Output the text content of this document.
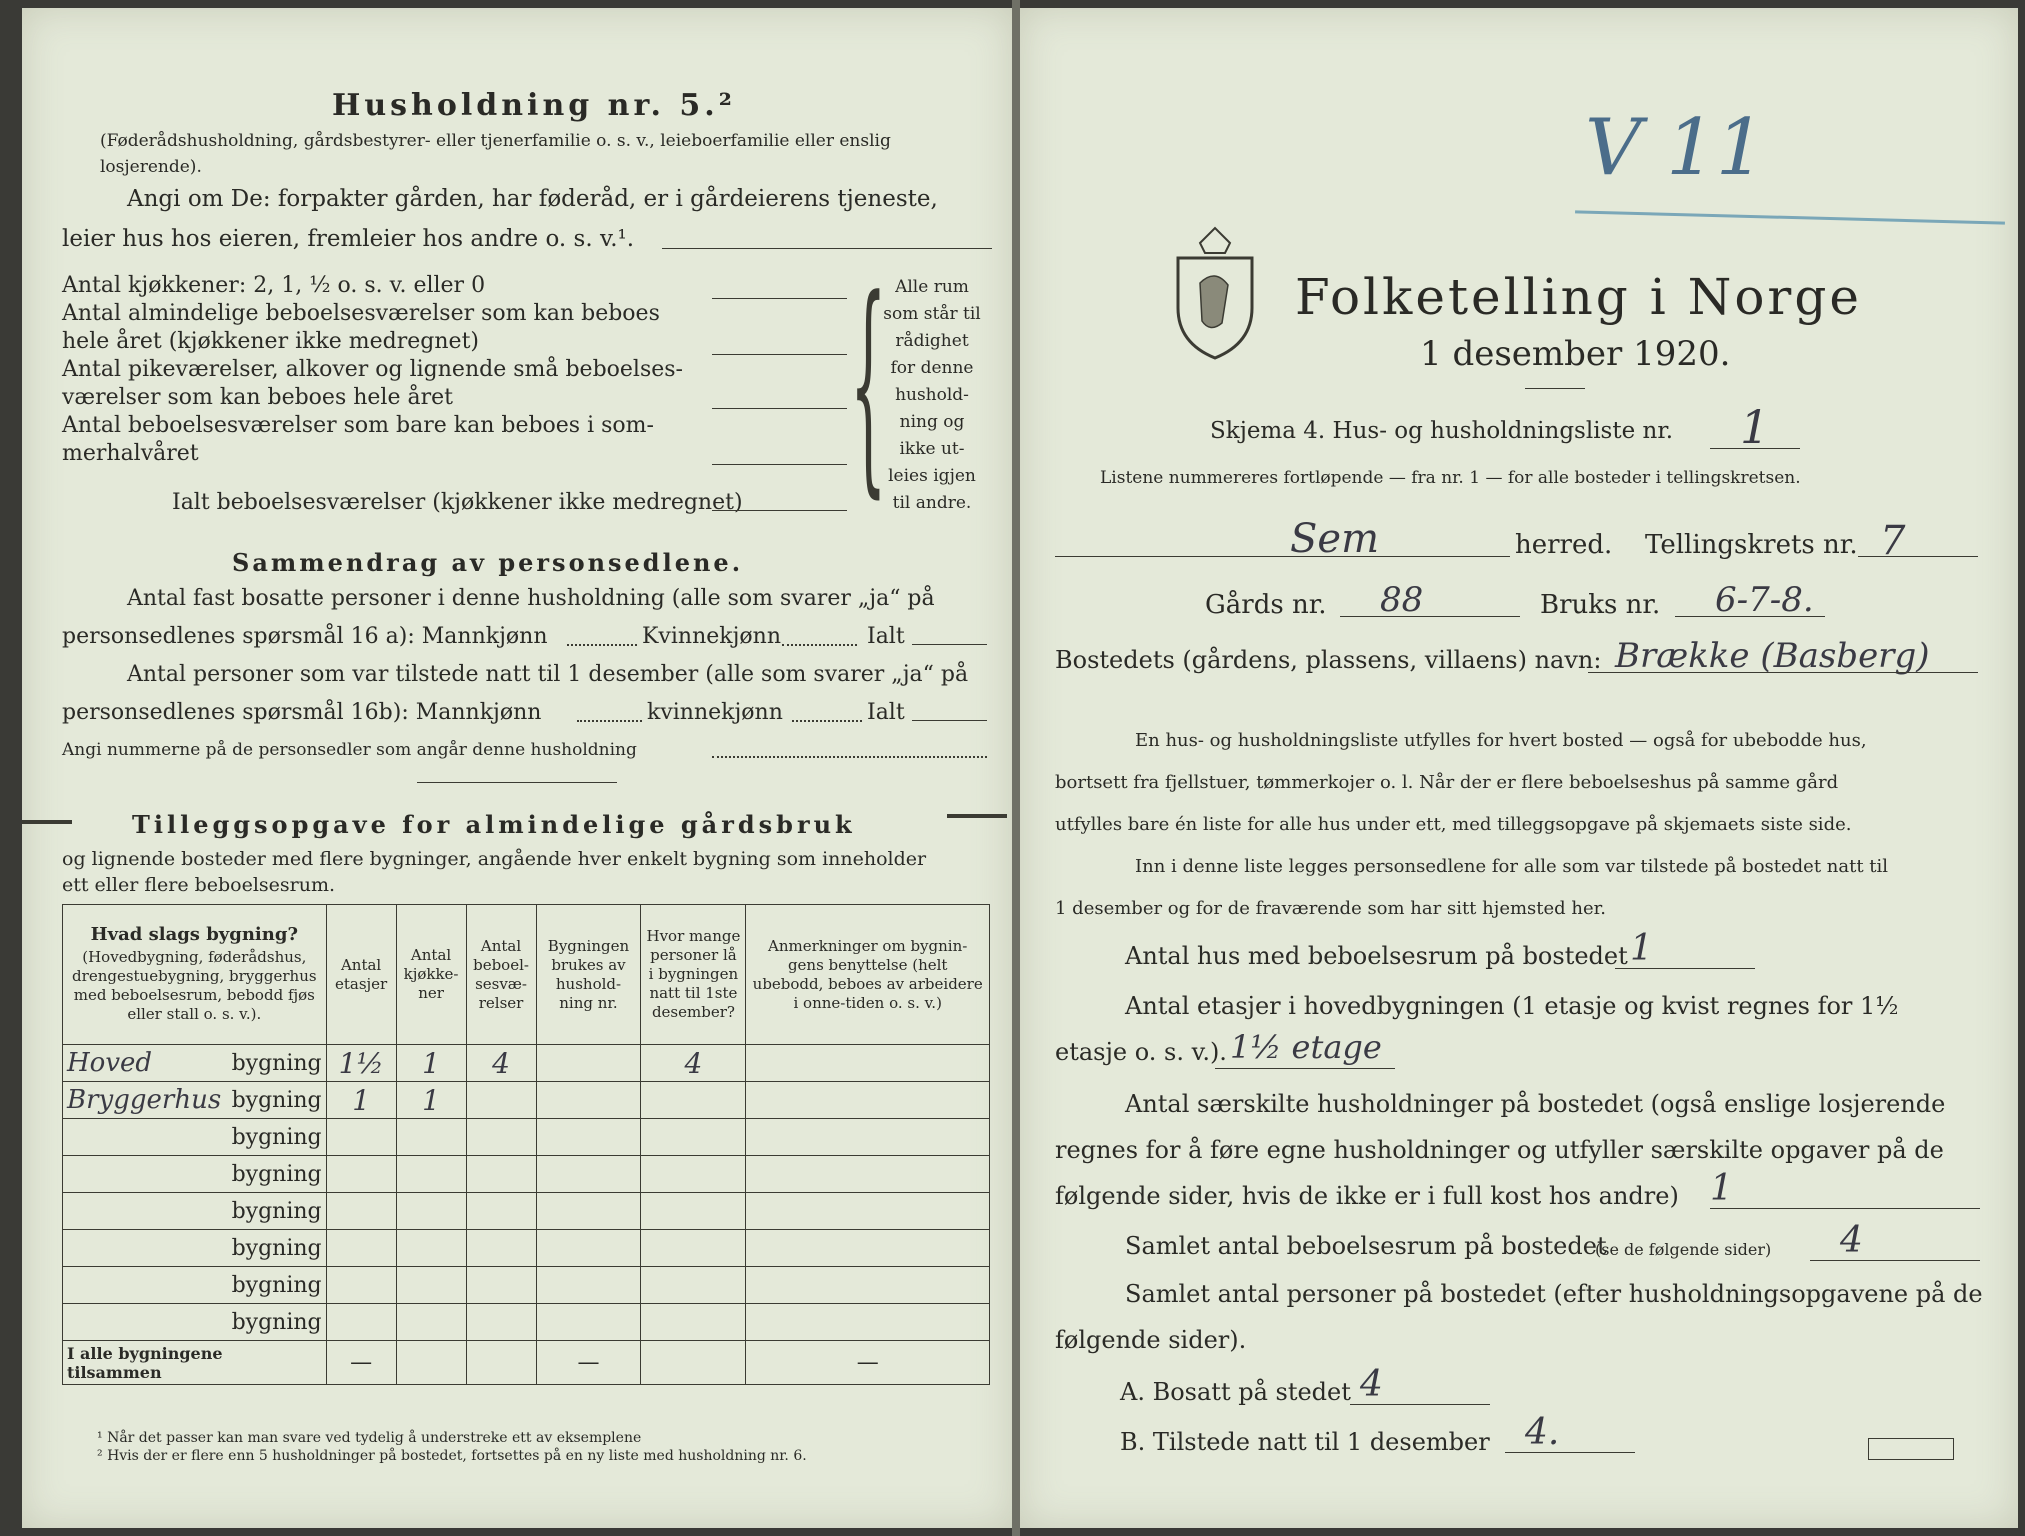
Husholdning nr. 5.²
(Føderådshusholdning, gårdsbestyrer- eller tjenerfamilie o. s. v., leieboerfamilie eller enslig losjerende).
Angi om De: forpakter gården, har føderåd, er i gårdeierens tjeneste,
leier hus hos eieren, fremleier hos andre o. s. v.¹.
Antal kjøkkener: 2, 1, ½ o. s. v. eller 0
Antal almindelige beboelsesværelser som kan beboes
hele året (kjøkkener ikke medregnet)
Antal pikeværelser, alkover og lignende små beboelses-
værelser som kan beboes hele året
Antal beboelsesværelser som bare kan beboes i som-
merhalvåret	{ Alle rum
som står til
rådighet
for denne
hushold-
ning og
ikke ut-
leies igjen
til andre.
Ialt beboelsesværelser (kjøkkener ikke medregnet)
Sammendrag av personsedlene.
Antal fast bosatte personer i denne husholdning (alle som svarer „ja“ på
personsedlenes spørsmål 16 a): Mannkjønn	Kvinnekjønn	Ialt
Antal personer som var tilstede natt til 1 desember (alle som svarer „ja“ på
personsedlenes spørsmål 16b): Mannkjønn	kvinnekjønn	Ialt
Angi nummerne på de personsedler som angår denne husholdning
Tilleggsopgave for almindelige gårdsbruk
og lignende bosteder med flere bygninger, angående hver enkelt bygning som inneholder
ett eller flere beboelsesrum.
Hvad slags bygning?
(Hovedbygning, føderådshus, drengestuebygning, bryggerhus med beboelsesrum, bebodd fjøs eller stall o. s. v.).	Antal etasjer	Antal kjøkke-ner	Antal beboel-sesvæ-relser	Bygningen brukes av hushold-ning nr.	Hvor mange personer lå i bygningen natt til 1ste desember?	Anmerkninger om bygnin-gens benyttelse (helt ubebodd, beboes av arbeidere i onne-tiden o. s. v.)
Hoved bygning	1½	1	4		4	
Bryggerhus bygning	1	1				

bygning						

bygning						

bygning						

bygning						

bygning						

bygning						

I alle bygningene tilsammen	—			—		—
¹ Når det passer kan man svare ved tydelig å understreke ett av eksemplene
² Hvis der er flere enn 5 husholdninger på bostedet, fortsettes på en ny liste med husholdning nr. 6.
V 11
Folketelling i Norge
1 desember 1920.
Skjema 4. Hus- og husholdningsliste nr. 1
Listene nummereres fortløpende — fra nr. 1 — for alle bosteder i tellingskretsen.
Sem	herred. Tellingskrets nr. 7
Gårds nr. 88	Bruks nr. 6-7-8.
Bostedets (gårdens, plassens, villaens) navn: Brække (Basberg)
En hus- og husholdningsliste utfylles for hvert bosted — også for ubebodde hus,
bortsett fra fjellstuer, tømmerkojer o. l. Når der er flere beboelseshus på samme gård
utfylles bare én liste for alle hus under ett, med tilleggsopgave på skjemaets siste side.
Inn i denne liste legges personsedlene for alle som var tilstede på bostedet natt til
1 desember og for de fraværende som har sitt hjemsted her.
Antal hus med beboelsesrum på bostedet 1
Antal etasjer i hovedbygningen (1 etasje og kvist regnes for 1½
etasje o. s. v.). 1½ etage
Antal særskilte husholdninger på bostedet (også enslige losjerende
regnes for å føre egne husholdninger og utfyller særskilte opgaver på de
følgende sider, hvis de ikke er i full kost hos andre) 1
Samlet antal beboelsesrum på bostedet
(se de følgende sider) 4
Samlet antal personer på bostedet (efter husholdningsopgavene på de
følgende sider).
A. Bosatt på stedet 4
B. Tilstede natt til 1 desember 4.
